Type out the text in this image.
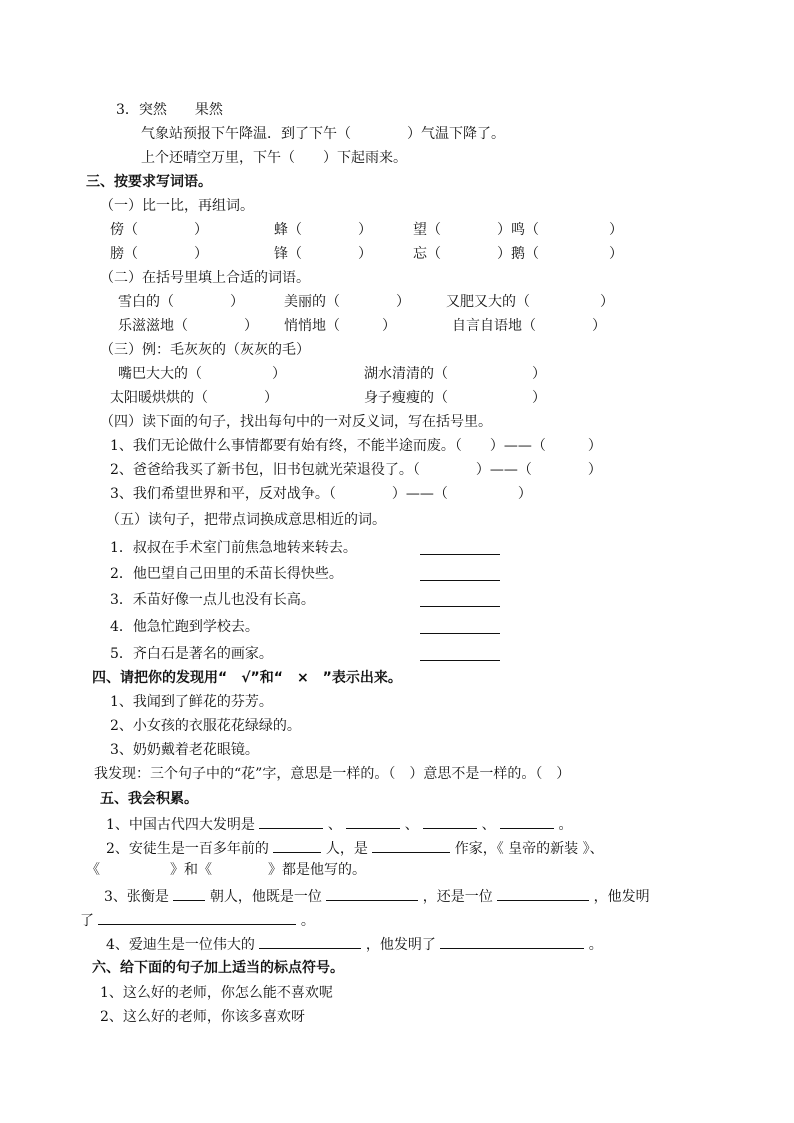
3．突然　　果然
气象站预报下午降温．到了下午（　　　　）气温下降了。
上个还晴空万里，下午（　　）下起雨来。
三、按要求写词语。
（一）比一比，再组词。
傍（　　　　）	蜂（　　　　）	望（　　　　）鸣（　　　　　）
膀（　　　　）	锋（　　　　）	忘（　　　　）鹅（　　　　　）
（二）在括号里填上合适的词语。
雪白的（　　　　）	美丽的（　　　　）	又肥又大的（　　　　　）
乐滋滋地（　　　　） 悄悄地（　　　）	自言自语地（　　　　）
（三）例：毛灰灰的（灰灰的毛）
嘴巴大大的（　　　　　）	湖水清清的（　　　　　　）
太阳暖烘烘的（　　　　）	身子瘦瘦的（　　　　　　）
（四）读下面的句子，找出每句中的一对反义词，写在括号里。
1、我们无论做什么事情都要有始有终，不能半途而废。（　　）——（　　　）
2、爸爸给我买了新书包，旧书包就光荣退役了。（　　　　）——（　　　　）
3、我们希望世界和平，反对战争。（　　　　）——（　　　　　）
（五）读句子，把带点词换成意思相近的词。
1．叔叔在手术室门前焦急地转来转去。
2．他巴望自己田里的禾苗长得快些。
3．禾苗好像一点儿也没有长高。
4．他急忙跑到学校去。
5．齐白石是著名的画家。
四、请把你的发现用“　√”和“　×　”表示出来。
1、我闻到了鲜花的芬芳。
2、小女孩的衣服花花绿绿的。
3、奶奶戴着老花眼镜。
我发现：三个句子中的“花”字，意思是一样的。（　）意思不是一样的。（　）
五、我会积累。
1、中国古代四大发明是	、	、	、	。
2、安徒生是一百多年前的	人，是	作家，《 皇帝的新装 》、
《　　　　　》和《　　　　》都是他写的。
3、张衡是	朝人，他既是一位	，还是一位	，他发明
了	。
4、爱迪生是一位伟大的	，他发明了	。
六、给下面的句子加上适当的标点符号。
1、这么好的老师，你怎么能不喜欢呢
2、这么好的老师，你该多喜欢呀
